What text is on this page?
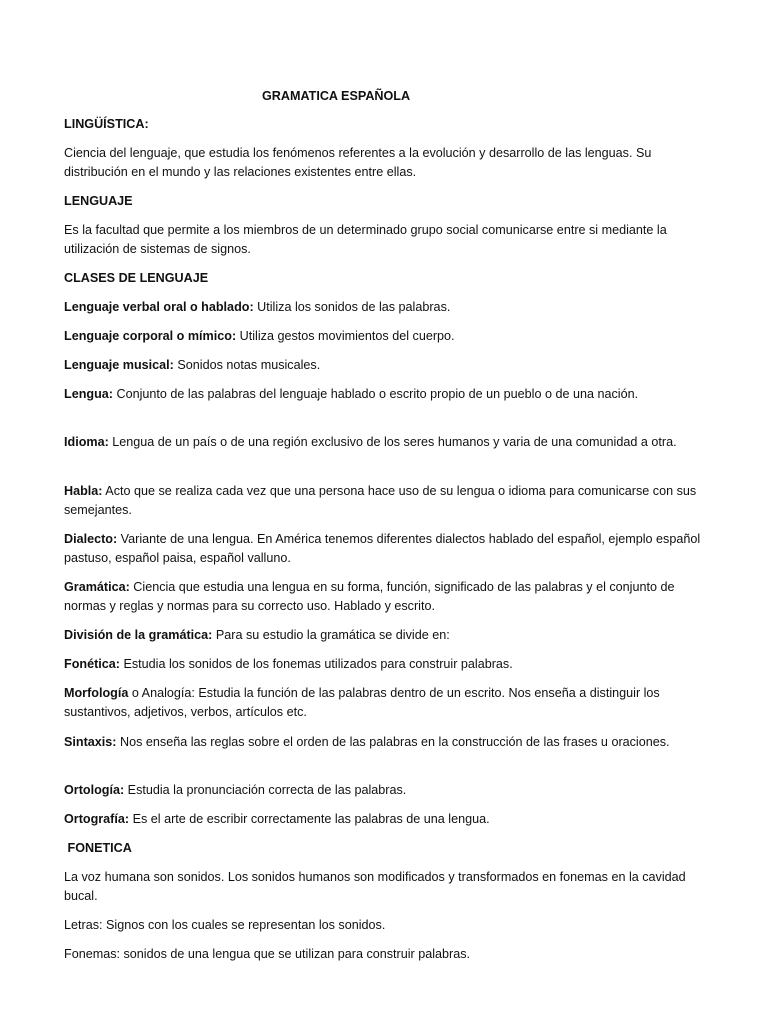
GRAMATICA ESPAÑOLA

LINGÜÍSTICA:

Ciencia del lenguaje, que estudia los fenómenos referentes a la evolución y desarrollo de las lenguas. Su distribución en el mundo y las relaciones existentes entre ellas.

LENGUAJE

Es la facultad que permite a los miembros de un determinado grupo social comunicarse entre si mediante la utilización de sistemas de signos.

CLASES DE LENGUAJE

Lenguaje verbal oral o hablado: Utiliza los sonidos de las palabras.

Lenguaje corporal o mímico: Utiliza gestos movimientos del cuerpo.

Lenguaje musical: Sonidos notas musicales.

Lengua: Conjunto de las palabras del lenguaje hablado o escrito propio de un pueblo o de una nación.

Idioma: Lengua de un país o de una región exclusivo de los seres humanos y varia de una comunidad a otra.

Habla: Acto que se realiza cada vez que una persona hace uso de su lengua o idioma para comunicarse con sus semejantes.

Dialecto: Variante de una lengua. En América tenemos diferentes dialectos hablado del español, ejemplo español pastuso, español paisa, español valluno.

Gramática: Ciencia que estudia una lengua en su forma, función, significado de las palabras y el conjunto de normas y reglas y normas para su correcto uso. Hablado y escrito.

División de la gramática: Para su estudio la gramática se divide en:

Fonética: Estudia los sonidos de los fonemas utilizados para construir palabras.

Morfología o Analogía: Estudia la función de las palabras dentro de un escrito. Nos enseña a distinguir los sustantivos, adjetivos, verbos, artículos etc.

Sintaxis: Nos enseña las reglas sobre el orden de las palabras en la construcción de las frases u oraciones.

Ortología: Estudia la pronunciación correcta de las palabras.

Ortografía: Es el arte de escribir correctamente las palabras de una lengua.

FONETICA

La voz humana son sonidos. Los sonidos humanos son modificados y transformados en fonemas en la cavidad bucal.

Letras: Signos con los cuales se representan los sonidos.

Fonemas: sonidos de una lengua que se utilizan para construir palabras.
